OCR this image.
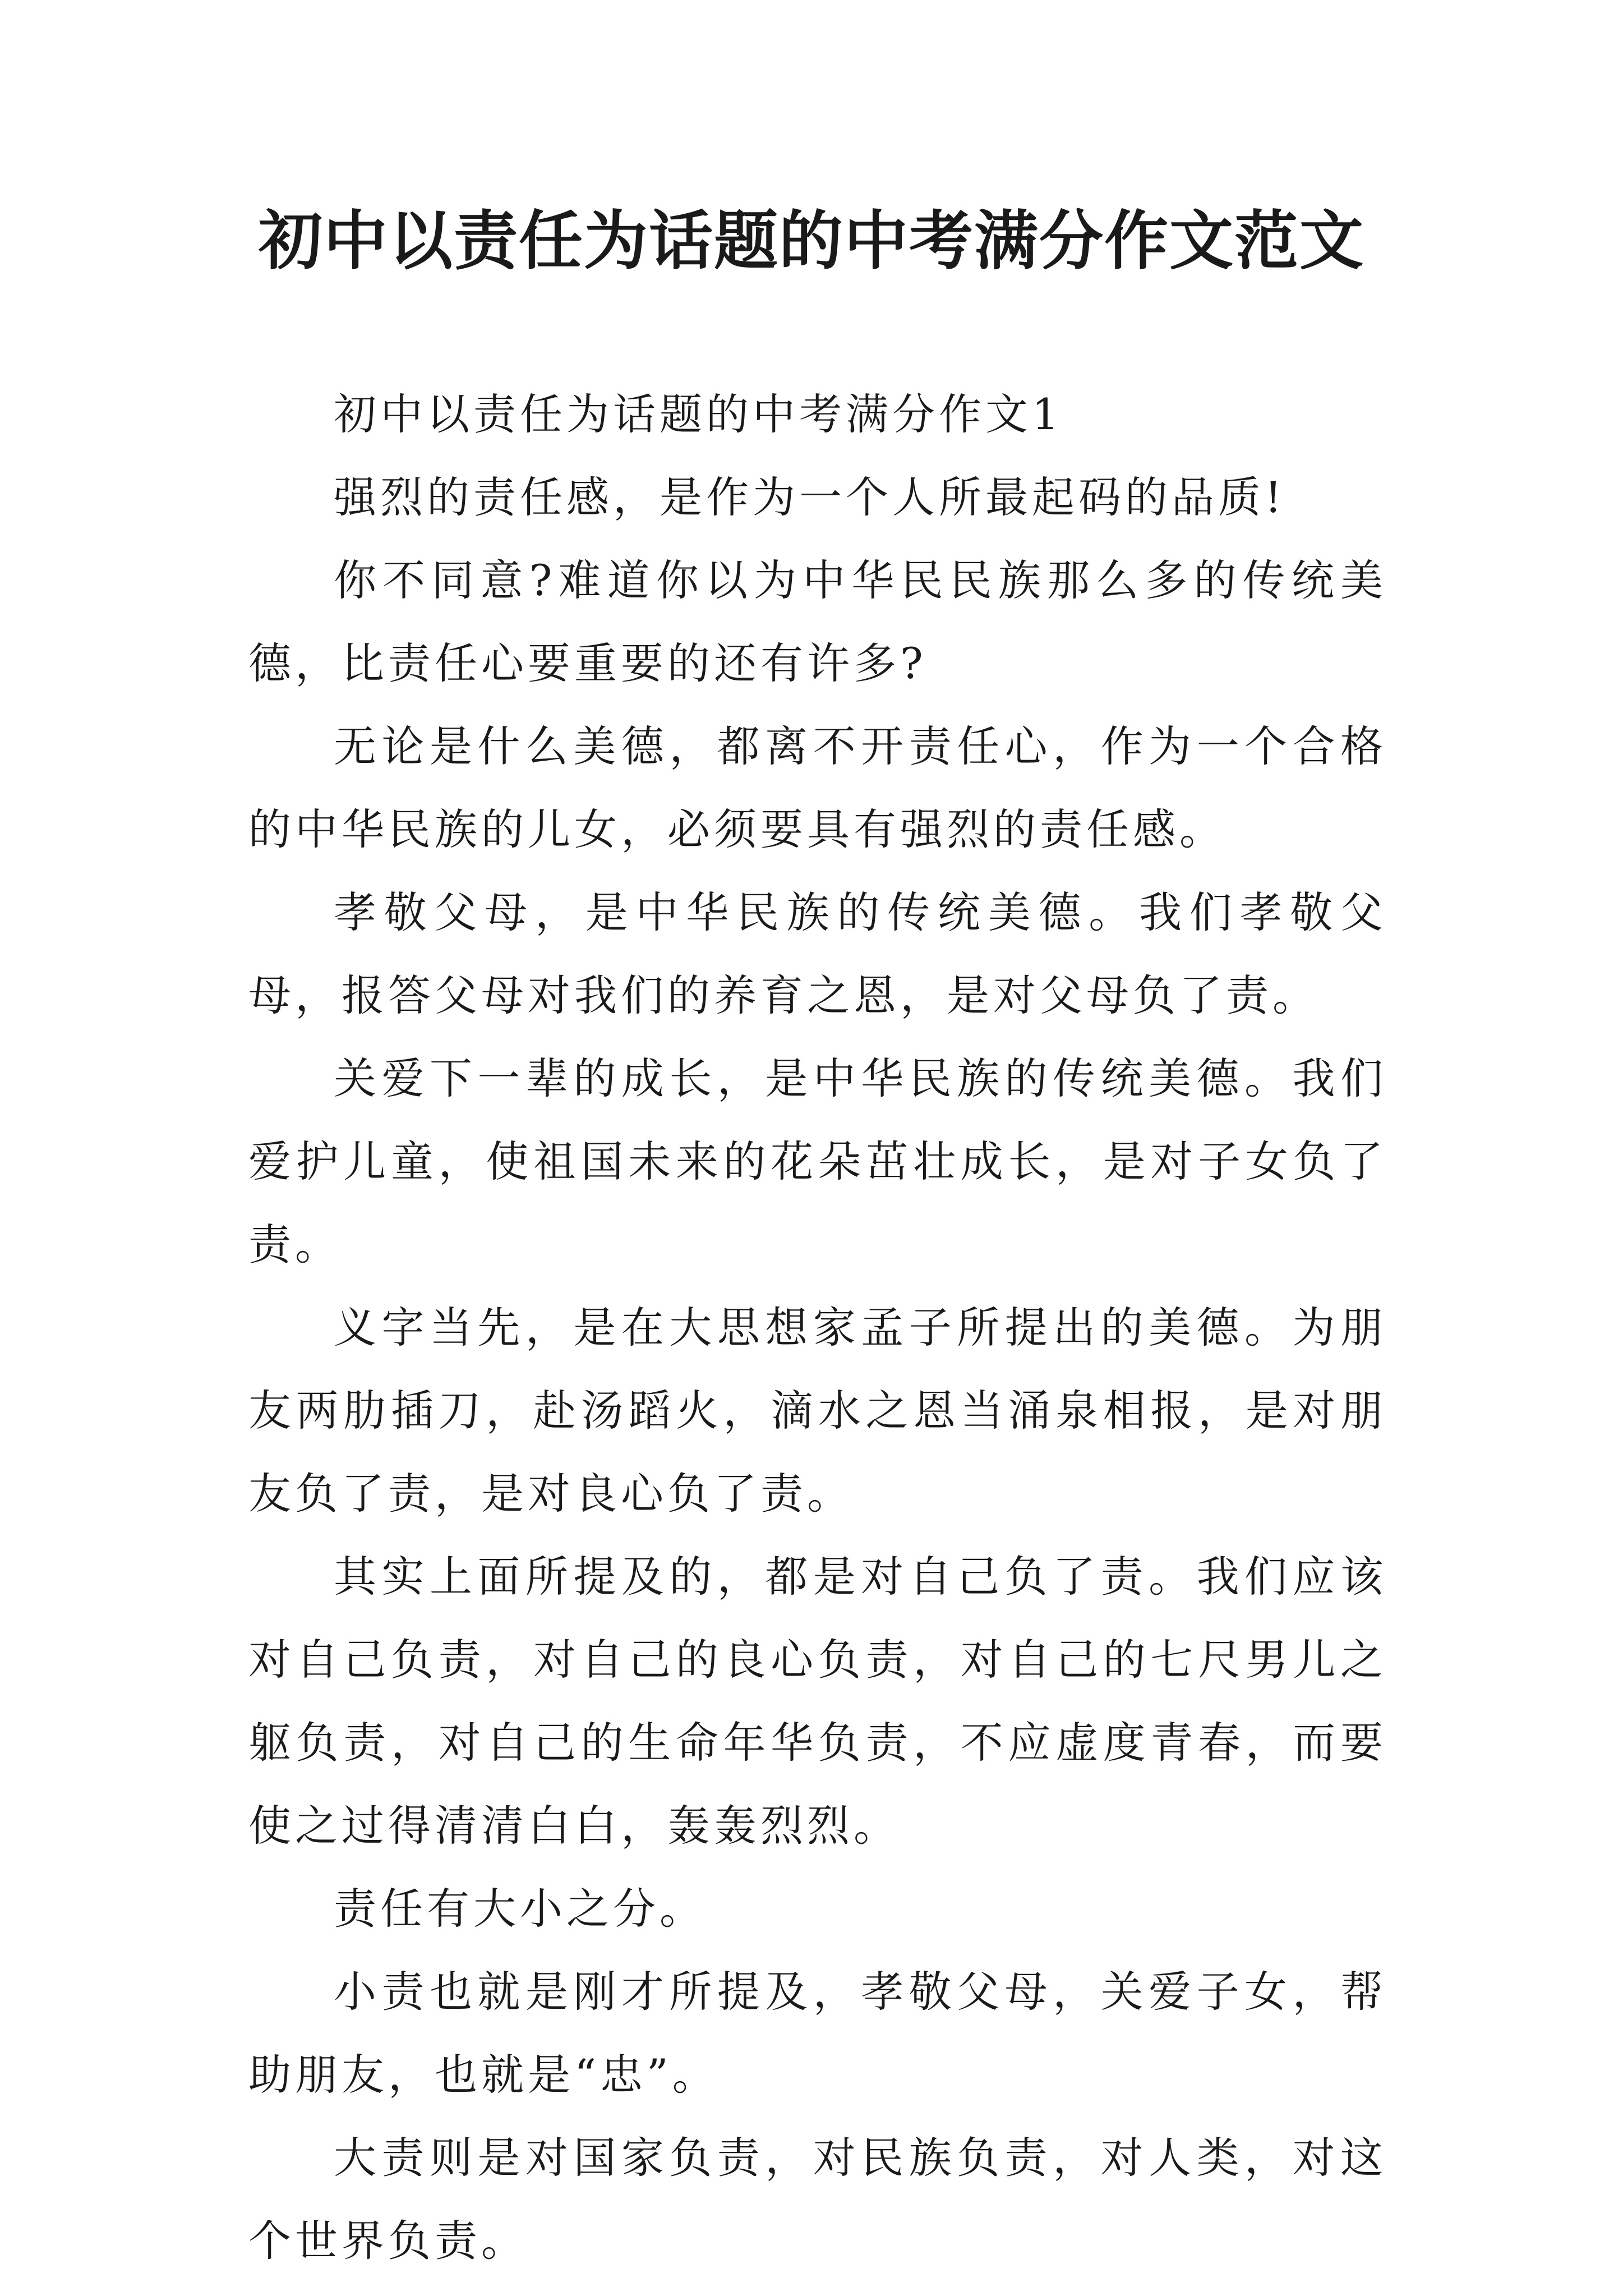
初中以责任为话题的中考满分作文范文

初中以责任为话题的中考满分作文1

强烈的责任感，是作为一个人所最起码的品质!

你不同意?难道你以为中华民民族那么多的传统美德，比责任心要重要的还有许多?

无论是什么美德，都离不开责任心，作为一个合格的中华民族的儿女，必须要具有强烈的责任感。

孝敬父母，是中华民族的传统美德。我们孝敬父母，报答父母对我们的养育之恩，是对父母负了责。

关爱下一辈的成长，是中华民族的传统美德。我们爱护儿童，使祖国未来的花朵茁壮成长，是对子女负了责。

义字当先，是在大思想家孟子所提出的美德。为朋友两肋插刀，赴汤蹈火，滴水之恩当涌泉相报，是对朋友负了责，是对良心负了责。

其实上面所提及的，都是对自己负了责。我们应该对自己负责，对自己的良心负责，对自己的七尺男儿之躯负责，对自己的生命年华负责，不应虚度青春，而要使之过得清清白白，轰轰烈烈。

责任有大小之分。

小责也就是刚才所提及，孝敬父母，关爱子女，帮助朋友，也就是“忠”。

大责则是对国家负责，对民族负责，对人类，对这个世界负责。
